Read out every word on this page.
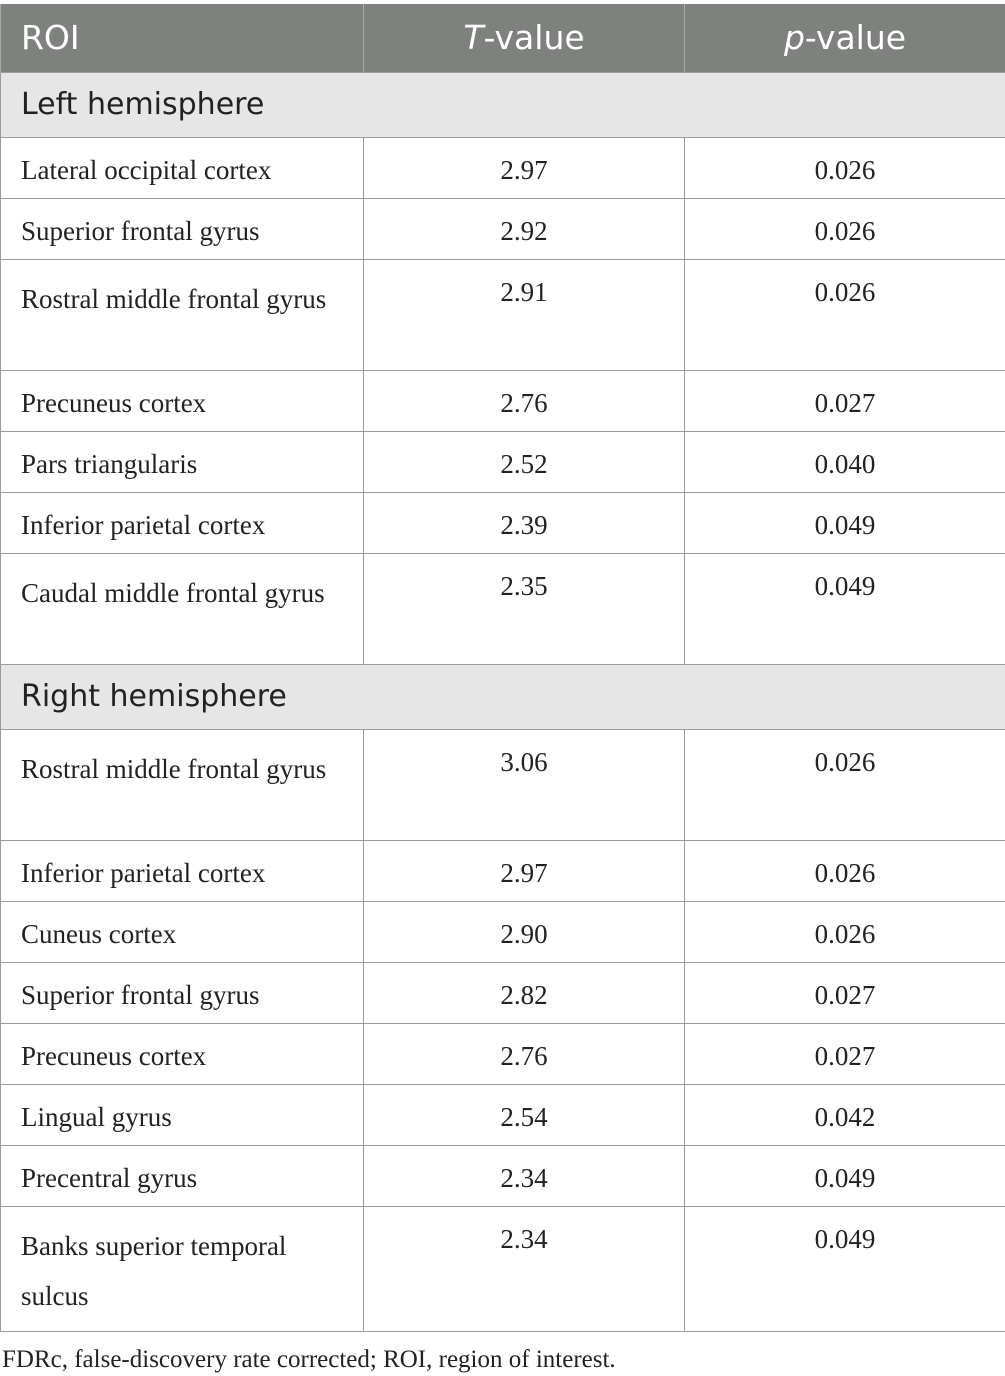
ROI	T-value	p-value
Left hemisphere		
Lateral occipital cortex	2.97	0.026
Superior frontal gyrus	2.92	0.026
Rostral middle frontal gyrus	2.91	0.026
Precuneus cortex	2.76	0.027
Pars triangularis	2.52	0.040
Inferior parietal cortex	2.39	0.049
Caudal middle frontal gyrus	2.35	0.049
Right hemisphere		
Rostral middle frontal gyrus	3.06	0.026
Inferior parietal cortex	2.97	0.026
Cuneus cortex	2.90	0.026
Superior frontal gyrus	2.82	0.027
Precuneus cortex	2.76	0.027
Lingual gyrus	2.54	0.042
Precentral gyrus	2.34	0.049
Banks superior temporal sulcus	2.34	0.049
FDRc, false-discovery rate corrected; ROI, region of interest.
